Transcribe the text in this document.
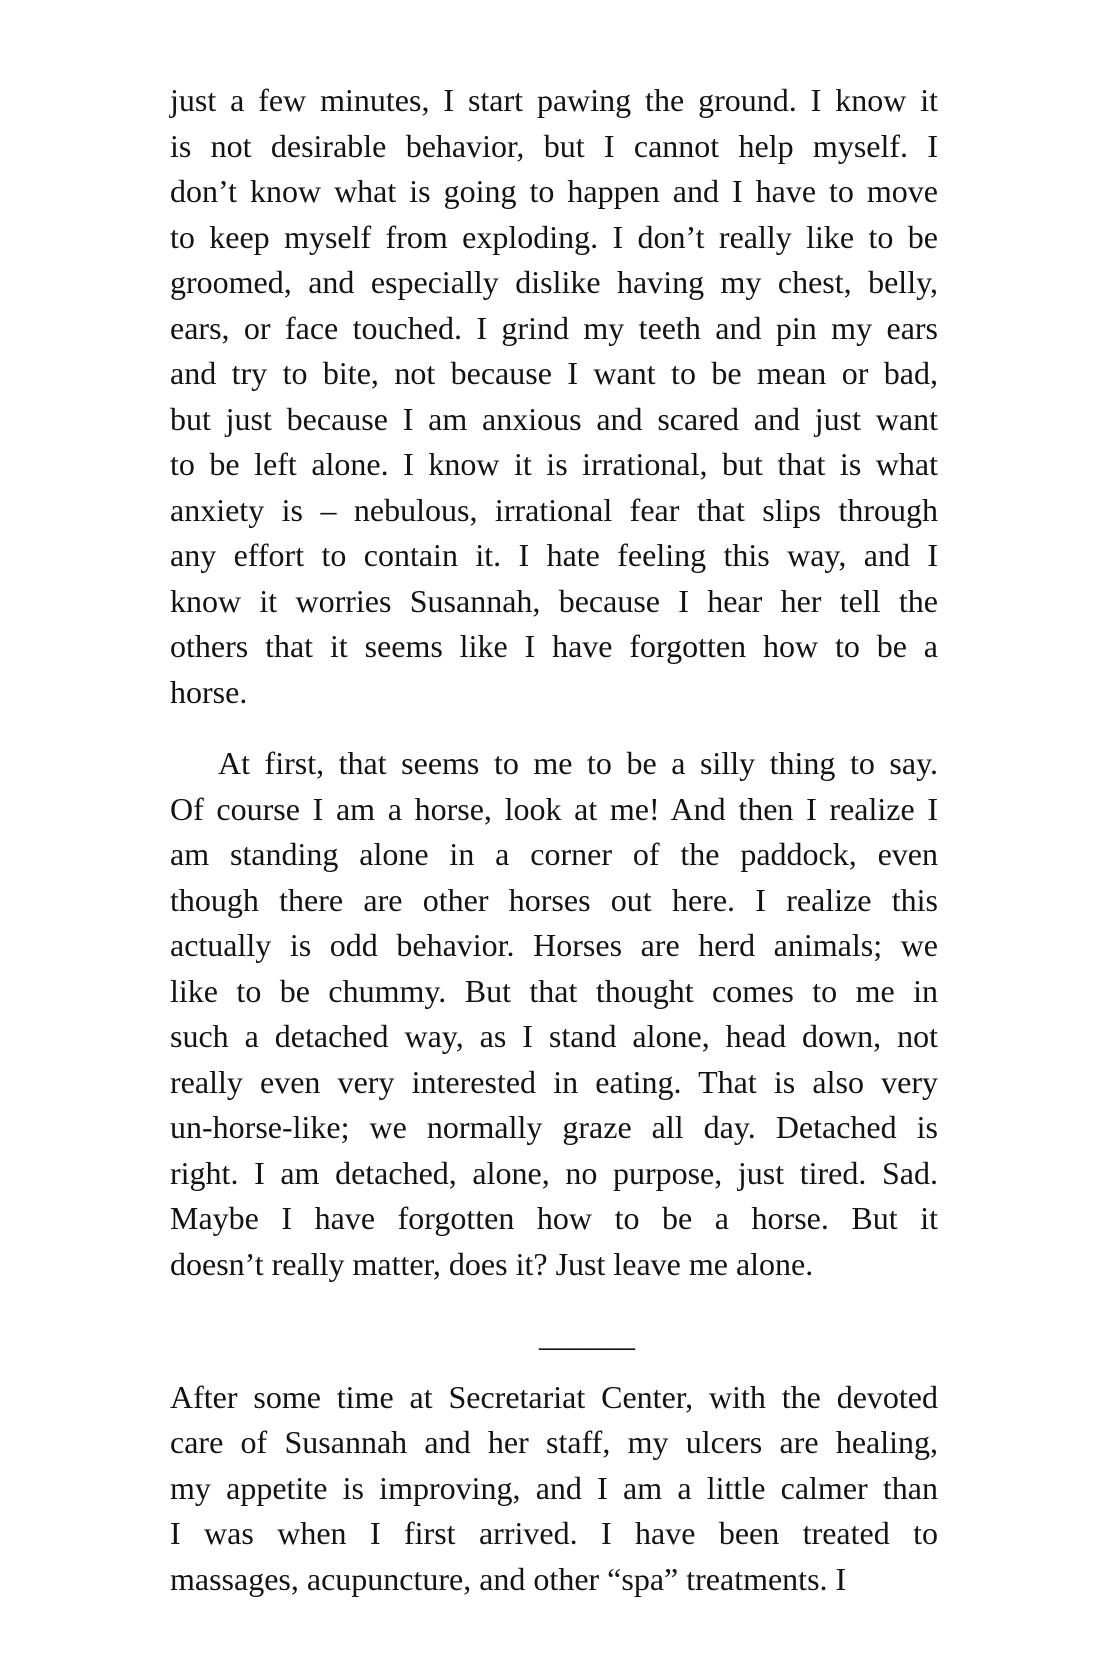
just a few minutes, I start pawing the ground. I know it
is not desirable behavior, but I cannot help myself. I
don’t know what is going to happen and I have to move
to keep myself from exploding. I don’t really like to be
groomed, and especially dislike having my chest, belly,
ears, or face touched. I grind my teeth and pin my ears
and try to bite, not because I want to be mean or bad,
but just because I am anxious and scared and just want
to be left alone. I know it is irrational, but that is what
anxiety is – nebulous, irrational fear that slips through
any effort to contain it. I hate feeling this way, and I
know it worries Susannah, because I hear her tell the
others that it seems like I have forgotten how to be a
horse.
At first, that seems to me to be a silly thing to say.
Of course I am a horse, look at me! And then I realize I
am standing alone in a corner of the paddock, even
though there are other horses out here. I realize this
actually is odd behavior. Horses are herd animals; we
like to be chummy. But that thought comes to me in
such a detached way, as I stand alone, head down, not
really even very interested in eating. That is also very
un-horse-like; we normally graze all day. Detached is
right. I am detached, alone, no purpose, just tired. Sad.
Maybe I have forgotten how to be a horse. But it
doesn’t really matter, does it? Just leave me alone.
______
After some time at Secretariat Center, with the devoted
care of Susannah and her staff, my ulcers are healing,
my appetite is improving, and I am a little calmer than
I was when I first arrived. I have been treated to
massages, acupuncture, and other “spa” treatments. I
